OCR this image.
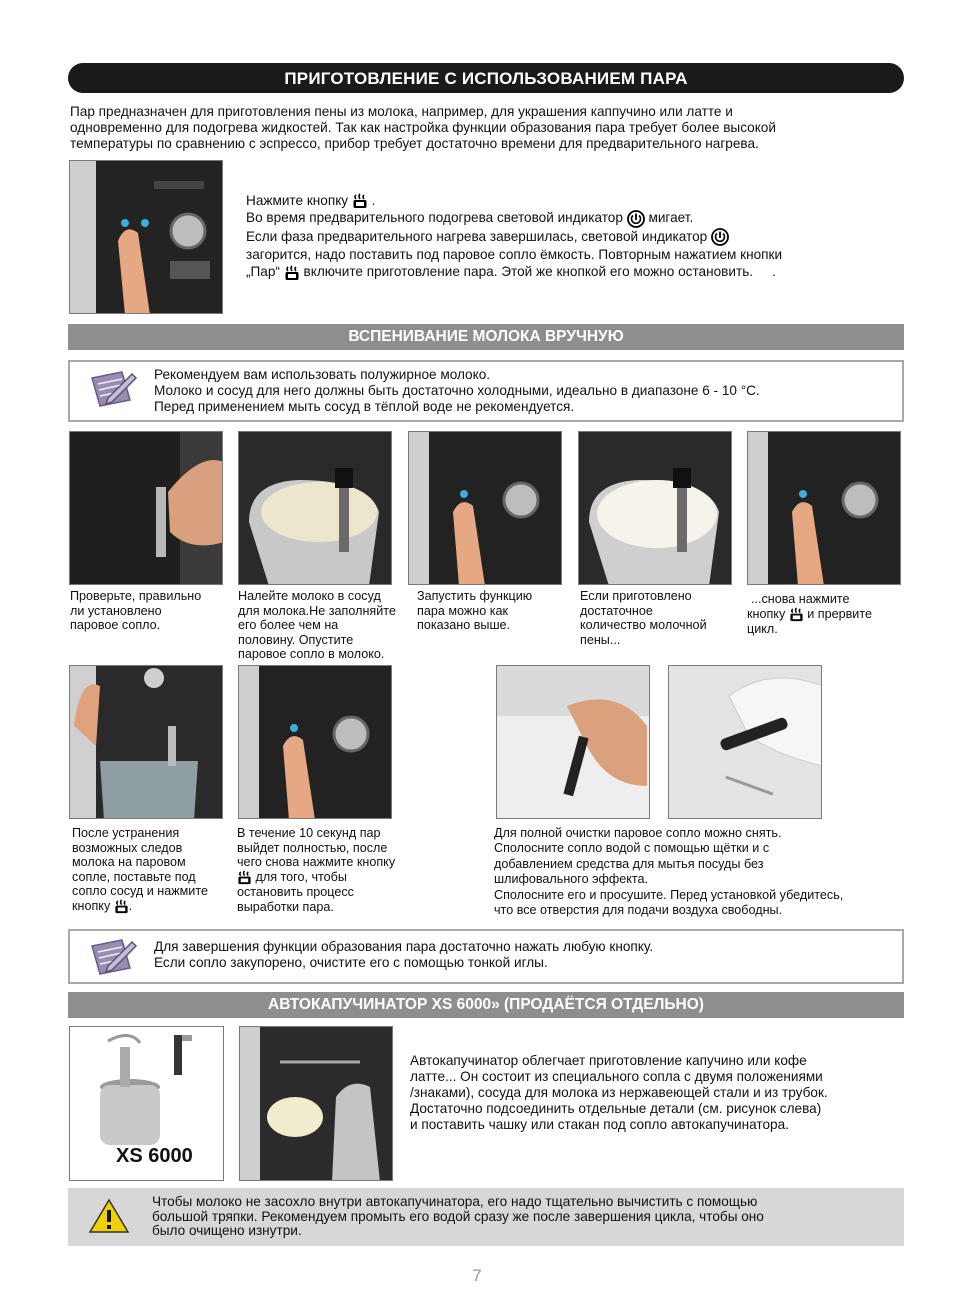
ПРИГОТОВЛЕНИЕ С ИСПОЛЬЗОВАНИЕМ ПАРА
Пар предназначен для приготовления пены из молока, например, для украшения каппучино или латте и
одновременно для подогрева жидкостей. Так как настройка функции образования пара требует более высокой
температуры по сравнению с эспрессо, прибор требует достаточно времени для предварительного нагрева.
Нажмите кнопку .
Во время предварительного подогрева световой индикатор мигает.
Если фаза предварительного нагрева завершилась, световой индикатор
загорится, надо поставить под паровое сопло ёмкость. Повторным нажатием кнопки
„Пар“ включите приготовление пара. Этой же кнопкой его можно остановить. .
ВСПЕНИВАНИЕ МОЛОКА ВРУЧНУЮ
Рекомендуем вам использовать полужирное молоко.
Молоко и сосуд для него должны быть достаточно холодными, идеально в диапазоне 6 - 10 °C.
Перед применением мыть сосуд в тёплой воде не рекомендуется.
Проверьте, правильно
ли установлено
паровое сопло.
Налейте молоко в сосуд
для молока.Не заполняйте
его более чем на
половину. Опустите
паровое сопло в молоко.
Запустить функцию
пара можно как
показано выше.
Если приготовлено
достаточное
количество молочной
пены...
...снова нажмите
кнопку и прервите
цикл.
После устранения
возможных следов
молока на паровом
сопле, поставьте под
сопло сосуд и нажмите
кнопку .
В течение 10 секунд пар
выйдет полностью, после
чего снова нажмите кнопку
для того, чтобы
остановить процесс
выработки пара.
Для полной очистки паровое сопло можно снять.
Сполосните сопло водой с помощью щётки и с
добавлением средства для мытья посуды без
шлифовального эффекта.
Сполосните его и просушите. Перед установкой убедитесь,
что все отверстия для подачи воздуха свободны.
Для завершения функции образования пара достаточно нажать любую кнопку.
Если сопло закупорено, очистите его с помощью тонкой иглы.
АВТОКАПУЧИНАТОР XS 6000» (ПРОДАЁТСЯ ОТДЕЛЬНО)
XS 6000
Автокапучинатор облегчает приготовление капучино или кофе
латте... Он состоит из специального сопла с двумя положениями
/знаками), сосуда для молока из нержавеющей стали и из трубок.
Достаточно подсоединить отдельные детали (см. рисунок слева)
и поставить чашку или стакан под сопло автокапучинатора.
Чтобы молоко не засохло внутри автокапучинатора, его надо тщательно вычистить с помощью
большой тряпки. Рекомендуем промыть его водой сразу же после завершения цикла, чтобы оно
было очищено изнутри.
7
